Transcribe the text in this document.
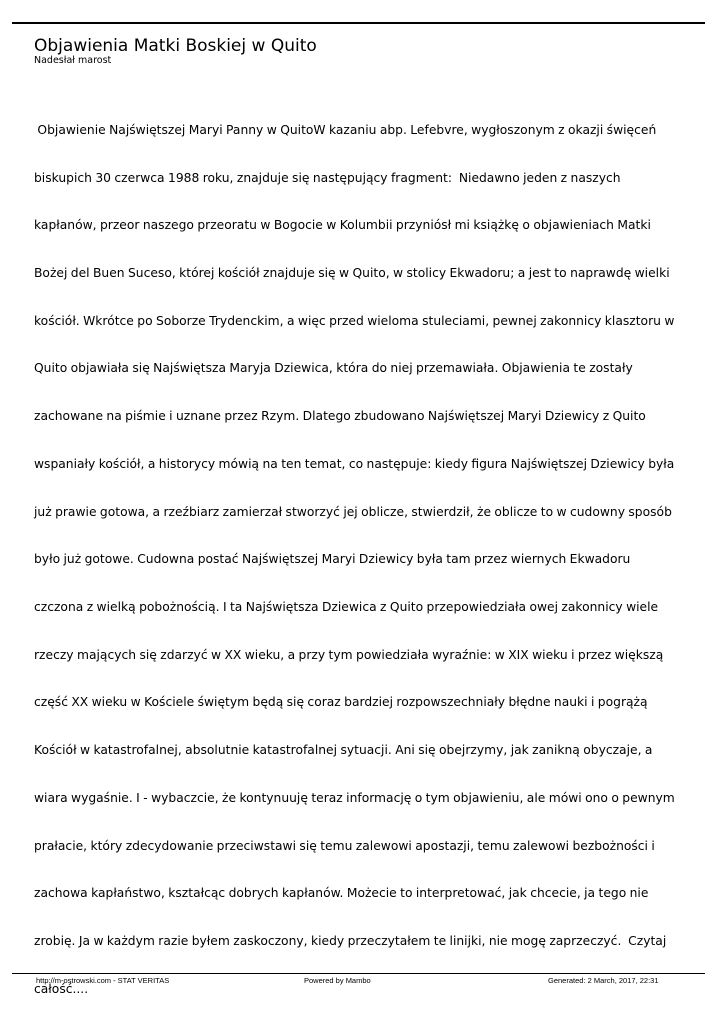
Objawienia Matki Boskiej w Quito
Nadesłał marost

Objawienie Najświętszej Maryi Panny w QuitoW kazaniu abp. Lefebvre, wygłoszonym z okazji święceń

biskupich 30 czerwca 1988 roku, znajduje się następujący fragment:  Niedawno jeden z naszych

kapłanów, przeor naszego przeoratu w Bogocie w Kolumbii przyniósł mi książkę o objawieniach Matki

Bożej del Buen Suceso, której kościół znajduje się w Quito, w stolicy Ekwadoru; a jest to naprawdę wielki

kościół. Wkrótce po Soborze Trydenckim, a więc przed wieloma stuleciami, pewnej zakonnicy klasztoru w

Quito objawiała się Najświętsza Maryja Dziewica, która do niej przemawiała. Objawienia te zostały

zachowane na piśmie i uznane przez Rzym. Dlatego zbudowano Najświętszej Maryi Dziewicy z Quito

wspaniały kościół, a historycy mówią na ten temat, co następuje: kiedy figura Najświętszej Dziewicy była

już prawie gotowa, a rzeźbiarz zamierzał stworzyć jej oblicze, stwierdził, że oblicze to w cudowny sposób

było już gotowe. Cudowna postać Najświętszej Maryi Dziewicy była tam przez wiernych Ekwadoru

czczona z wielką pobożnością. I ta Najświętsza Dziewica z Quito przepowiedziała owej zakonnicy wiele

rzeczy mających się zdarzyć w XX wieku, a przy tym powiedziała wyraźnie: w XIX wieku i przez większą

część XX wieku w Kościele świętym będą się coraz bardziej rozpowszechniały błędne nauki i pogrążą

Kościół w katastrofalnej, absolutnie katastrofalnej sytuacji. Ani się obejrzymy, jak zanikną obyczaje, a

wiara wygaśnie. I - wybaczcie, że kontynuuję teraz informację o tym objawieniu, ale mówi ono o pewnym

prałacie, który zdecydowanie przeciwstawi się temu zalewowi apostazji, temu zalewowi bezbożności i

zachowa kapłaństwo, kształcąc dobrych kapłanów. Możecie to interpretować, jak chcecie, ja tego nie

zrobię. Ja w każdym razie byłem zaskoczony, kiedy przeczytałem te linijki, nie mogę zaprzeczyć.  Czytaj

całość....

http://m-ostrowski.com - STAT VERITAS	Powered by Mambo	Generated: 2 March, 2017, 22:31
